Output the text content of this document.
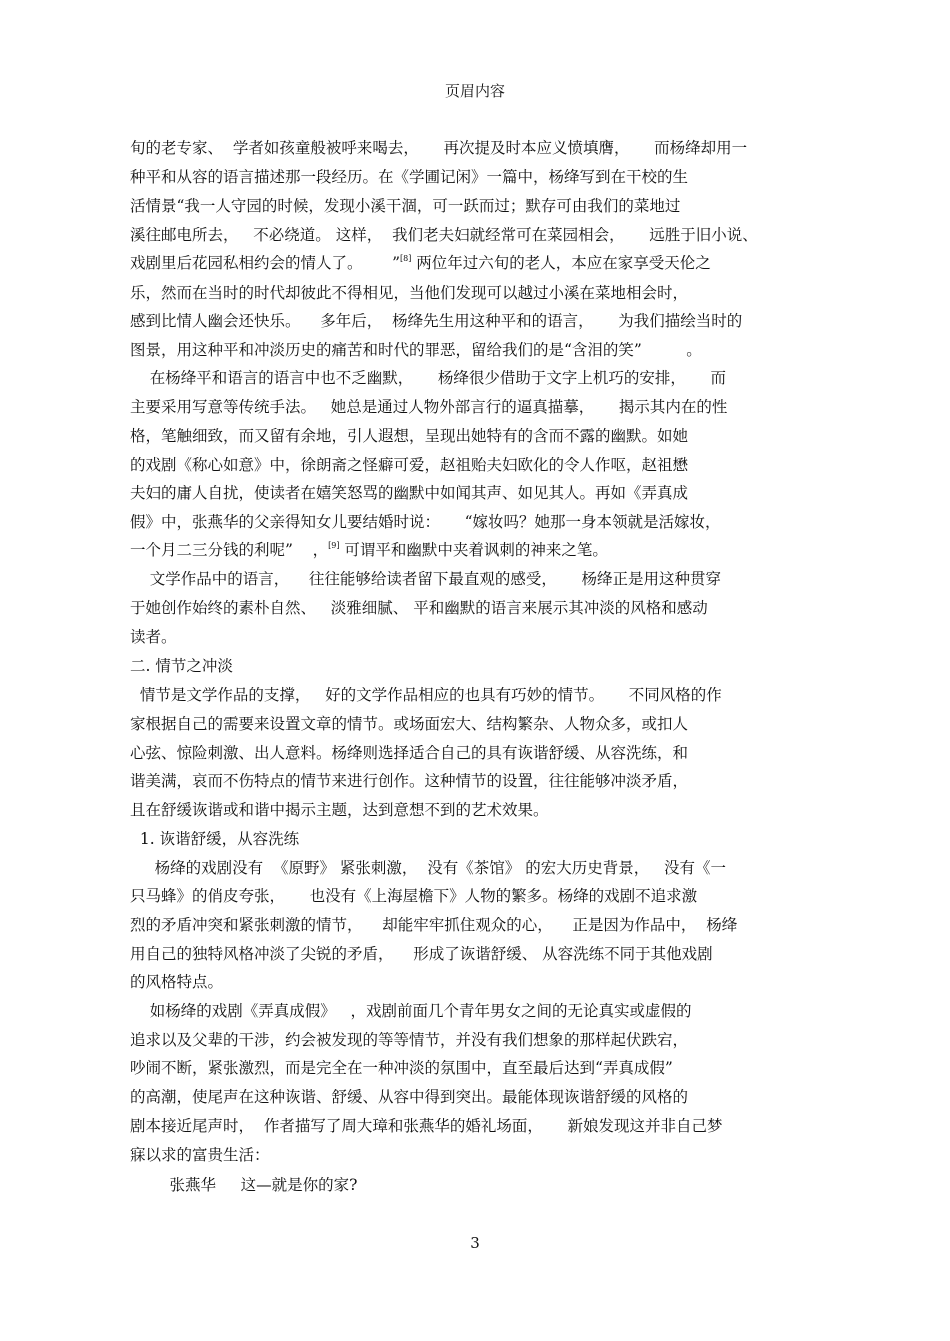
页眉内容
旬的老专家、  学者如孩童般被呼来喝去，     再次提及时本应义愤填膺，     而杨绛却用一
种平和从容的语言描述那一段经历。在《学圃记闲》一篇中，杨绛写到在干校的生
活情景“我一人守园的时候，发现小溪干涸，可一跃而过；默存可由我们的菜地过
溪往邮电所去，   不必绕道。 这样，  我们老夫妇就经常可在菜园相会，     远胜于旧小说、
戏剧里后花园私相约会的情人了。      ”[8] 两位年过六旬的老人，本应在家享受天伦之
乐，然而在当时的时代却彼此不得相见，当他们发现可以越过小溪在菜地相会时，
感到比情人幽会还快乐。    多年后，  杨绛先生用这种平和的语言，     为我们描绘当时的
图景，用这种平和冲淡历史的痛苦和时代的罪恶，留给我们的是“含泪的笑”         。
在杨绛平和语言的语言中也不乏幽默，     杨绛很少借助于文字上机巧的安排，     而
主要采用写意等传统手法。   她总是通过人物外部言行的逼真描摹，     揭示其内在的性
格，笔触细致，而又留有余地，引人遐想，呈现出她特有的含而不露的幽默。如她
的戏剧《称心如意》中，徐朗斋之怪癖可爱，赵祖贻夫妇欧化的令人作呕，赵祖懋
夫妇的庸人自扰，使读者在嬉笑怒骂的幽默中如闻其声、如见其人。再如《弄真成
假》中，张燕华的父亲得知女儿要结婚时说：     “嫁妆吗？她那一身本领就是活嫁妆，
一个月二三分钱的利呢”    ，[9] 可谓平和幽默中夹着讽刺的神来之笔。
文学作品中的语言，    往往能够给读者留下最直观的感受，     杨绛正是用这种贯穿
于她创作始终的素朴自然、   淡雅细腻、 平和幽默的语言来展示其冲淡的风格和感动
读者。
二. 情节之冲淡
情节是文学作品的支撑，   好的文学作品相应的也具有巧妙的情节。     不同风格的作
家根据自己的需要来设置文章的情节。或场面宏大、结构繁杂、人物众多，或扣人
心弦、惊险刺激、出人意料。杨绛则选择适合自己的具有诙谐舒缓、从容洗练，和
谐美满，哀而不伤特点的情节来进行创作。这种情节的设置，往往能够冲淡矛盾，
且在舒缓诙谐或和谐中揭示主题，达到意想不到的艺术效果。
1. 诙谐舒缓，从容洗练
杨绛的戏剧没有  《原野》 紧张刺激，  没有《茶馆》 的宏大历史背景，   没有《一
只马蜂》的俏皮夸张，     也没有《上海屋檐下》人物的繁多。杨绛的戏剧不追求激
烈的矛盾冲突和紧张刺激的情节，    却能牢牢抓住观众的心，    正是因为作品中，  杨绛
用自己的独特风格冲淡了尖锐的矛盾，    形成了诙谐舒缓、 从容洗练不同于其他戏剧
的风格特点。
如杨绛的戏剧《弄真成假》   ，戏剧前面几个青年男女之间的无论真实或虚假的
追求以及父辈的干涉，约会被发现的等等情节，并没有我们想象的那样起伏跌宕，
吵闹不断，紧张激烈，而是完全在一种冲淡的氛围中，直至最后达到“弄真成假”
的高潮，使尾声在这种诙谐、舒缓、从容中得到突出。最能体现诙谐舒缓的风格的
剧本接近尾声时，  作者描写了周大璋和张燕华的婚礼场面，     新娘发现这并非自己梦
寐以求的富贵生活：
张燕华     这—就是你的家?
3
